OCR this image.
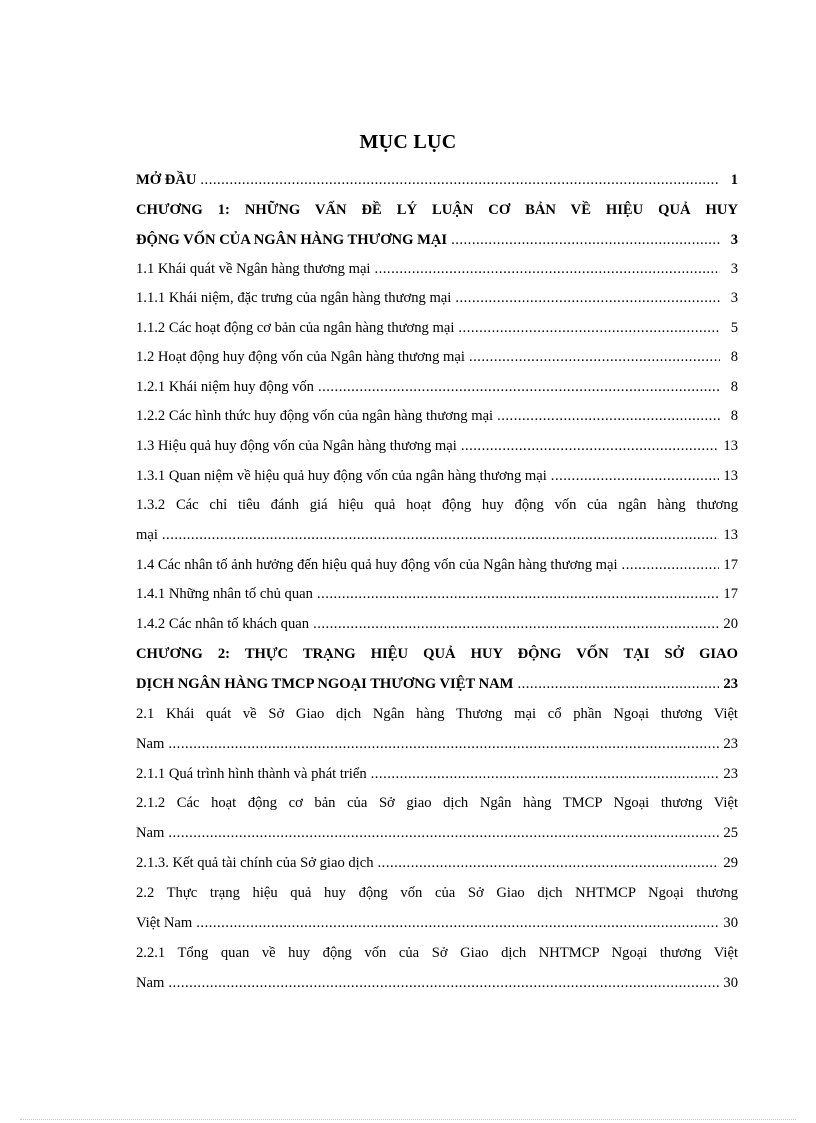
MỤC LỤC
MỞ ĐẦU .....	1
CHƯƠNG 1: NHỮNG VẤN ĐỀ LÝ LUẬN CƠ BẢN VỀ HIỆU QUẢ HUY
ĐỘNG VỐN CỦA NGÂN HÀNG THƯƠNG MẠI .....	3
1.1 Khái quát về Ngân hàng thương mại .....	3
1.1.1 Khái niệm, đặc trưng của ngân hàng thương mại .....	3
1.1.2 Các hoạt động cơ bản của ngân hàng thương mại .....	5
1.2 Hoạt động huy động vốn của Ngân hàng thương mại .....	8
1.2.1 Khái niệm huy động vốn .....	8
1.2.2 Các hình thức huy động vốn của ngân hàng thương mại .....	8
1.3 Hiệu quả huy động vốn của Ngân hàng thương mại .....	13
1.3.1 Quan niệm về hiệu quả huy động vốn của ngân hàng thương mại .....	13
1.3.2 Các chỉ tiêu đánh giá hiệu quả hoạt động huy động vốn của ngân hàng thương
mại .....	13
1.4 Các nhân tố ảnh hưởng đến hiệu quả huy động vốn của Ngân hàng thương mại .....	17
1.4.1 Những nhân tố chủ quan .....	17
1.4.2 Các nhân tố khách quan .....	20
CHƯƠNG 2: THỰC TRẠNG HIỆU QUẢ HUY ĐỘNG VỐN TẠI SỞ GIAO
DỊCH NGÂN HÀNG TMCP NGOẠI THƯƠNG VIỆT NAM .....	23
2.1 Khái quát về Sở Giao dịch Ngân hàng Thương mại cổ phần Ngoại thương Việt
Nam .....	23
2.1.1 Quá trình hình thành và phát triển .....	23
2.1.2 Các hoạt động cơ bản của Sở giao dịch Ngân hàng TMCP Ngoại thương Việt
Nam .....	25
2.1.3. Kết quả tài chính của Sở giao dịch .....	29
2.2 Thực trạng hiệu quả huy động vốn của Sở Giao dịch NHTMCP Ngoại thương
Việt Nam .....	30
2.2.1 Tổng quan về huy động vốn của Sở Giao dịch NHTMCP Ngoại thương Việt
Nam .....	30
